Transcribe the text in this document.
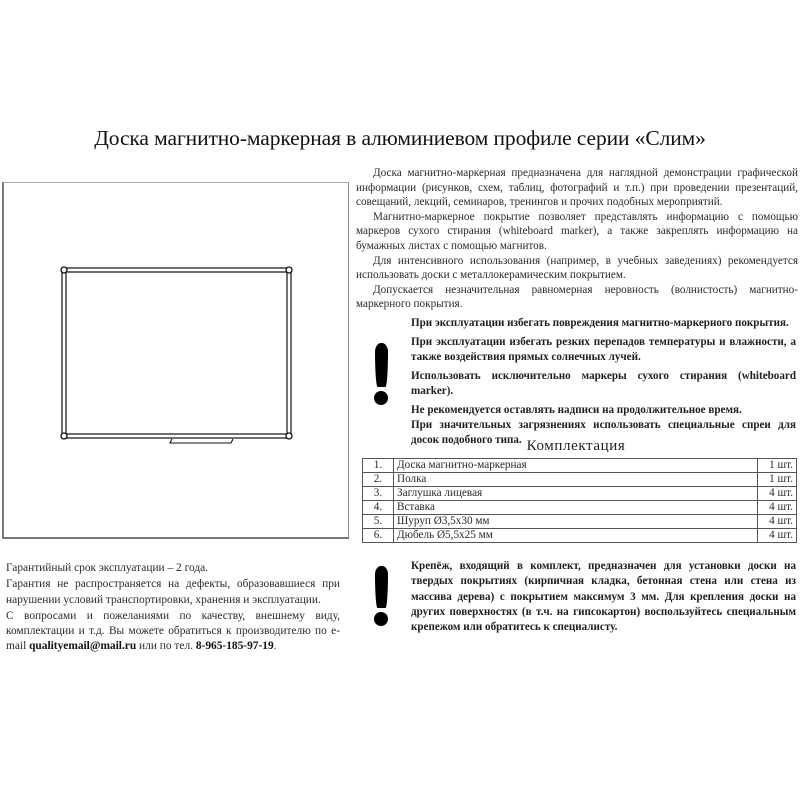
Доска магнитно-маркерная в алюминиевом профиле серии «Слим»

Доска магнитно-маркерная предназначена для наглядной демонстрации графической информации (рисунков, схем, таблиц, фотографий и т.п.) при проведении презентаций, совещаний, лекций, семинаров, тренингов и прочих подобных мероприятий.

Магнитно-маркерное покрытие позволяет представлять информацию с помощью маркеров сухого стирания (whiteboard marker), а также закреплять информацию на бумажных листах с помощью магнитов.

Для интенсивного использования (например, в учебных заведениях) рекомендуется использовать доски с металлокерамическим покрытием.

Допускается незначительная равномерная неровность (волнистость) магнитно-маркерного покрытия.

При эксплуатации избегать повреждения магнитно-маркерного покрытия.

При эксплуатации избегать резких перепадов температуры и влажности, а также воздействия прямых солнечных лучей.

Использовать исключительно маркеры сухого стирания (whiteboard marker).

Не рекомендуется оставлять надписи на продолжительное время.

При значительных загрязнениях использовать специальные спреи для досок подобного типа. Комплектация
1.	Доска магнитно-маркерная	1 шт.
2.	Полка	1 шт.
3.	Заглушка лицевая	4 шт.
4.	Вставка	4 шт.
5.	Шуруп Ø3,5x30 мм	4 шт.
6.	Дюбель Ø5,5x25 мм	4 шт.
Крепёж, входящий в комплект, предназначен для установки доски на твердых покрытиях (кирпичная кладка, бетонная стена или стена из массива дерева) с покрытием максимум 3 мм. Для крепления доски на других поверхностях (в т.ч. на гипсокартон) воспользуйтесь специальным крепежом или обратитесь к специалисту.

Гарантийный срок эксплуатации – 2 года.

Гарантия не распространяется на дефекты, образовавшиеся при нарушении условий транспортировки, хранения и эксплуатации.

С вопросами и пожеланиями по качеству, внешнему виду, комплектации и т.д. Вы можете обратиться к производителю по e-mail qualityemail@mail.ru или по тел. 8-965-185-97-19.
